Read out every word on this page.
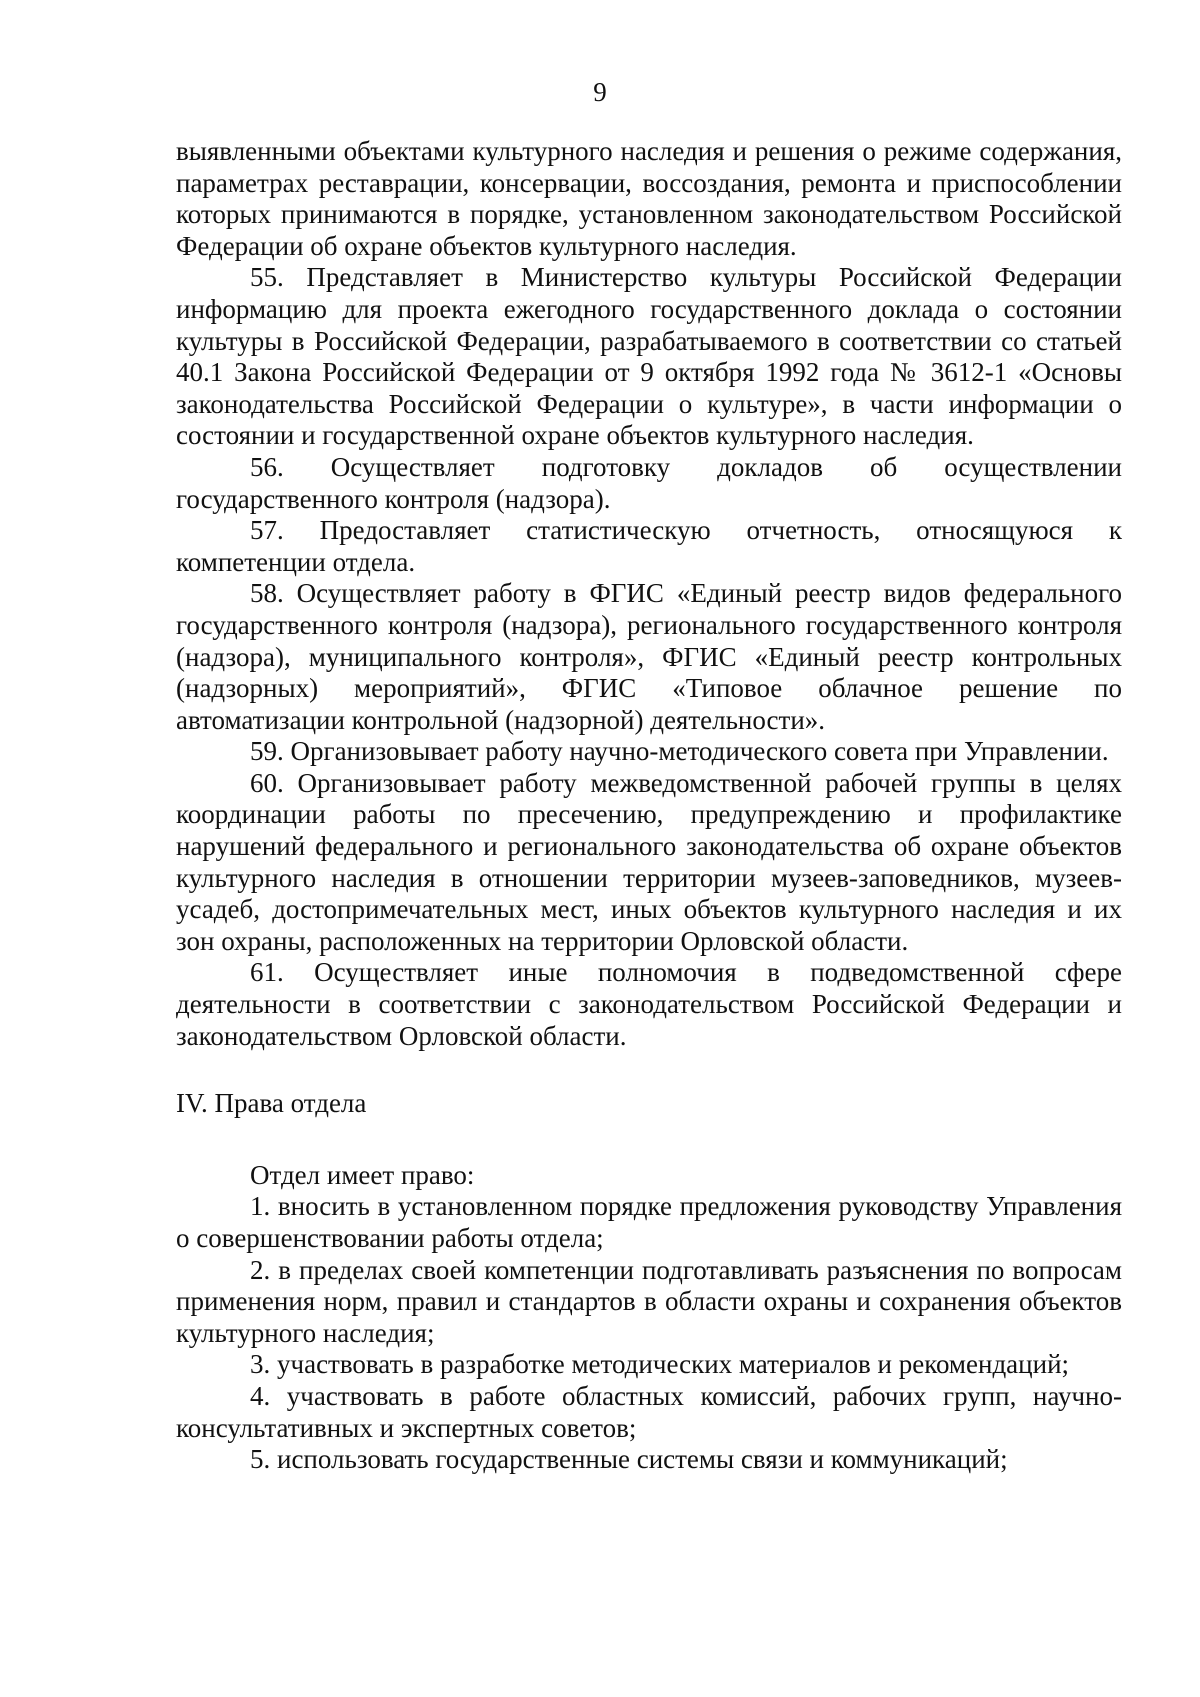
9

выявленными объектами культурного наследия и решения о режиме содержания, параметрах реставрации, консервации, воссоздания, ремонта и приспособлении которых принимаются в порядке, установленном законодательством Российской Федерации об охране объектов культурного наследия.

55. Представляет в Министерство культуры Российской Федерации информацию для проекта ежегодного государственного доклада о состоянии культуры в Российской Федерации, разрабатываемого в соответствии со статьей 40.1 Закона Российской Федерации от 9 октября 1992 года № 3612-1 «Основы законодательства Российской Федерации о культуре», в части информации о состоянии и государственной охране объектов культурного наследия.

56. Осуществляет подготовку докладов об осуществлении государственного контроля (надзора).

57. Предоставляет статистическую отчетность, относящуюся к компетенции отдела.

58. Осуществляет работу в ФГИС «Единый реестр видов федерального государственного контроля (надзора), регионального государственного контроля (надзора), муниципального контроля», ФГИС «Единый реестр контрольных (надзорных) мероприятий», ФГИС «Типовое облачное решение по автоматизации контрольной (надзорной) деятельности».

59. Организовывает работу научно-методического совета при Управлении.

60. Организовывает работу межведомственной рабочей группы в целях координации работы по пресечению, предупреждению и профилактике нарушений федерального и регионального законодательства об охране объектов культурного наследия в отношении территории музеев-заповедников, музеев-усадеб, достопримечательных мест, иных объектов культурного наследия и их зон охраны, расположенных на территории Орловской области.

61. Осуществляет иные полномочия в подведомственной сфере деятельности в соответствии с законодательством Российской Федерации и законодательством Орловской области.

IV. Права отдела

Отдел имеет право:

1. вносить в установленном порядке предложения руководству Управления о совершенствовании работы отдела;

2. в пределах своей компетенции подготавливать разъяснения по вопросам применения норм, правил и стандартов в области охраны и сохранения объектов культурного наследия;

3. участвовать в разработке методических материалов и рекомендаций;

4. участвовать в работе областных комиссий, рабочих групп, научно-консультативных и экспертных советов;

5. использовать государственные системы связи и коммуникаций;
